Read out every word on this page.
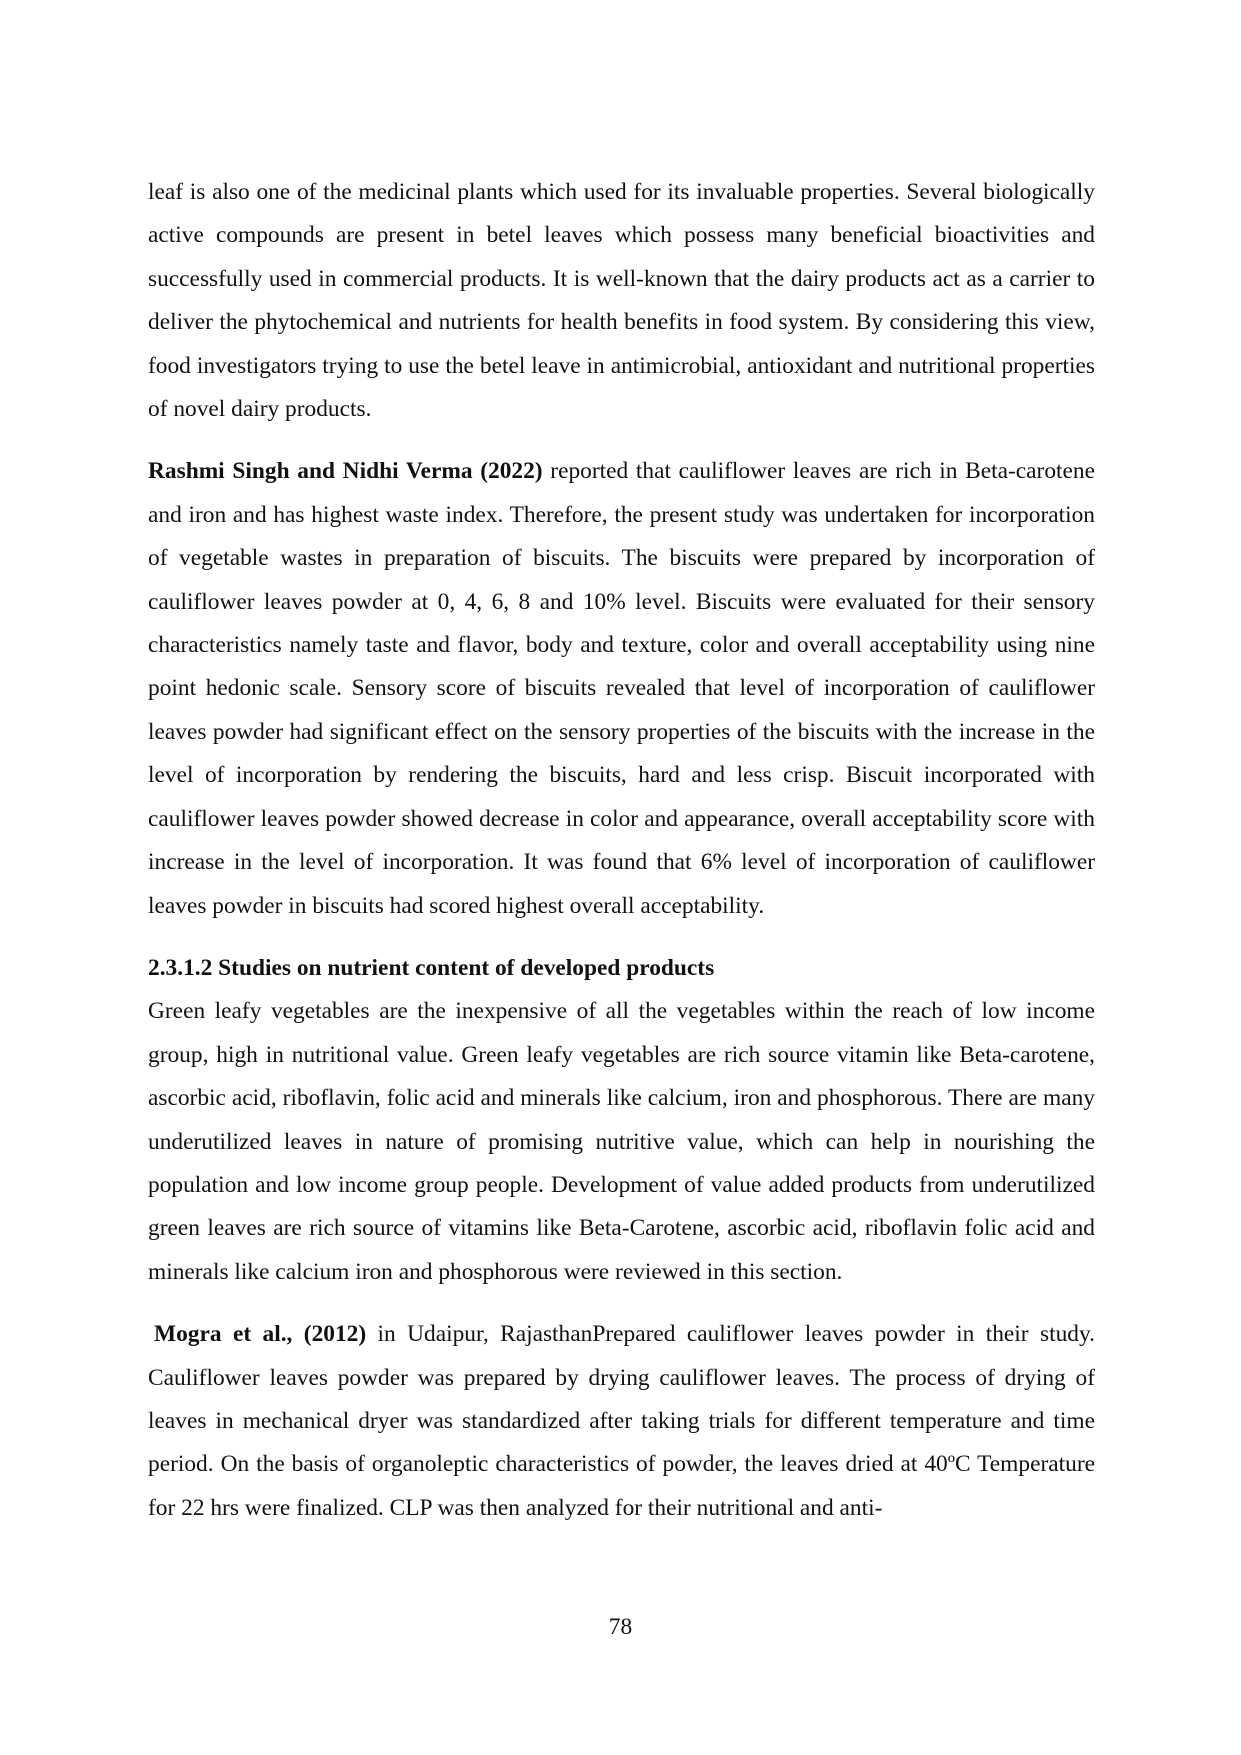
leaf is also one of the medicinal plants which used for its invaluable properties. Several biologically active compounds are present in betel leaves which possess many beneficial bioactivities and successfully used in commercial products. It is well-known that the dairy products act as a carrier to deliver the phytochemical and nutrients for health benefits in food system. By considering this view, food investigators trying to use the betel leave in antimicrobial, antioxidant and nutritional properties of novel dairy products.

Rashmi Singh and Nidhi Verma (2022) reported that cauliflower leaves are rich in Beta-carotene and iron and has highest waste index. Therefore, the present study was undertaken for incorporation of vegetable wastes in preparation of biscuits. The biscuits were prepared by incorporation of cauliflower leaves powder at 0, 4, 6, 8 and 10% level. Biscuits were evaluated for their sensory characteristics namely taste and flavor, body and texture, color and overall acceptability using nine point hedonic scale. Sensory score of biscuits revealed that level of incorporation of cauliflower leaves powder had significant effect on the sensory properties of the biscuits with the increase in the level of incorporation by rendering the biscuits, hard and less crisp. Biscuit incorporated with cauliflower leaves powder showed decrease in color and appearance, overall acceptability score with increase in the level of incorporation. It was found that 6% level of incorporation of cauliflower leaves powder in biscuits had scored highest overall acceptability.

2.3.1.2 Studies on nutrient content of developed products

Green leafy vegetables are the inexpensive of all the vegetables within the reach of low income group, high in nutritional value. Green leafy vegetables are rich source vitamin like Beta-carotene, ascorbic acid, riboflavin, folic acid and minerals like calcium, iron and phosphorous. There are many underutilized leaves in nature of promising nutritive value, which can help in nourishing the population and low income group people. Development of value added products from underutilized green leaves are rich source of vitamins like Beta-Carotene, ascorbic acid, riboflavin folic acid and minerals like calcium iron and phosphorous were reviewed in this section.

Mogra et al., (2012) in Udaipur, RajasthanPrepared cauliflower leaves powder in their study. Cauliflower leaves powder was prepared by drying cauliflower leaves. The process of drying of leaves in mechanical dryer was standardized after taking trials for different temperature and time period. On the basis of organoleptic characteristics of powder, the leaves dried at 40ºC Temperature for 22 hrs were finalized. CLP was then analyzed for their nutritional and anti-

78
